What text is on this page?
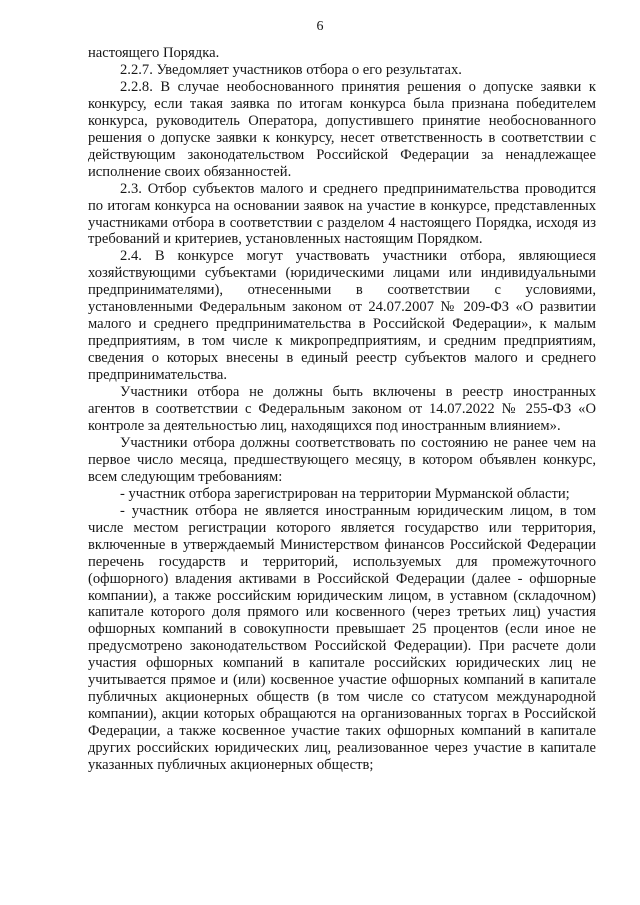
6

настоящего Порядка.

2.2.7. Уведомляет участников отбора о его результатах.

2.2.8. В случае необоснованного принятия решения о допуске заявки к конкурсу, если такая заявка по итогам конкурса была признана победителем конкурса, руководитель Оператора, допустившего принятие необоснованного решения о допуске заявки к конкурсу, несет ответственность в соответствии с действующим законодательством Российской Федерации за ненадлежащее исполнение своих обязанностей.

2.3. Отбор субъектов малого и среднего предпринимательства проводится по итогам конкурса на основании заявок на участие в конкурсе, представленных участниками отбора в соответствии с разделом 4 настоящего Порядка, исходя из требований и критериев, установленных настоящим Порядком.

2.4. В конкурсе могут участвовать участники отбора, являющиеся хозяйствующими субъектами (юридическими лицами или индивидуальными предпринимателями), отнесенными в соответствии с условиями, установленными Федеральным законом от 24.07.2007 № 209-ФЗ «О развитии малого и среднего предпринимательства в Российской Федерации», к малым предприятиям, в том числе к микропредприятиям, и средним предприятиям, сведения о которых внесены в единый реестр субъектов малого и среднего предпринимательства.

Участники отбора не должны быть включены в реестр иностранных агентов в соответствии с Федеральным законом от 14.07.2022 № 255-ФЗ «О контроле за деятельностью лиц, находящихся под иностранным влиянием».

Участники отбора должны соответствовать по состоянию не ранее чем на первое число месяца, предшествующего месяцу, в котором объявлен конкурс, всем следующим требованиям:

- участник отбора зарегистрирован на территории Мурманской области;

- участник отбора не является иностранным юридическим лицом, в том числе местом регистрации которого является государство или территория, включенные в утверждаемый Министерством финансов Российской Федерации перечень государств и территорий, используемых для промежуточного (офшорного) владения активами в Российской Федерации (далее - офшорные компании), а также российским юридическим лицом, в уставном (складочном) капитале которого доля прямого или косвенного (через третьих лиц) участия офшорных компаний в совокупности превышает 25 процентов (если иное не предусмотрено законодательством Российской Федерации). При расчете доли участия офшорных компаний в капитале российских юридических лиц не учитывается прямое и (или) косвенное участие офшорных компаний в капитале публичных акционерных обществ (в том числе со статусом международной компании), акции которых обращаются на организованных торгах в Российской Федерации, а также косвенное участие таких офшорных компаний в капитале других российских юридических лиц, реализованное через участие в капитале указанных публичных акционерных обществ;
